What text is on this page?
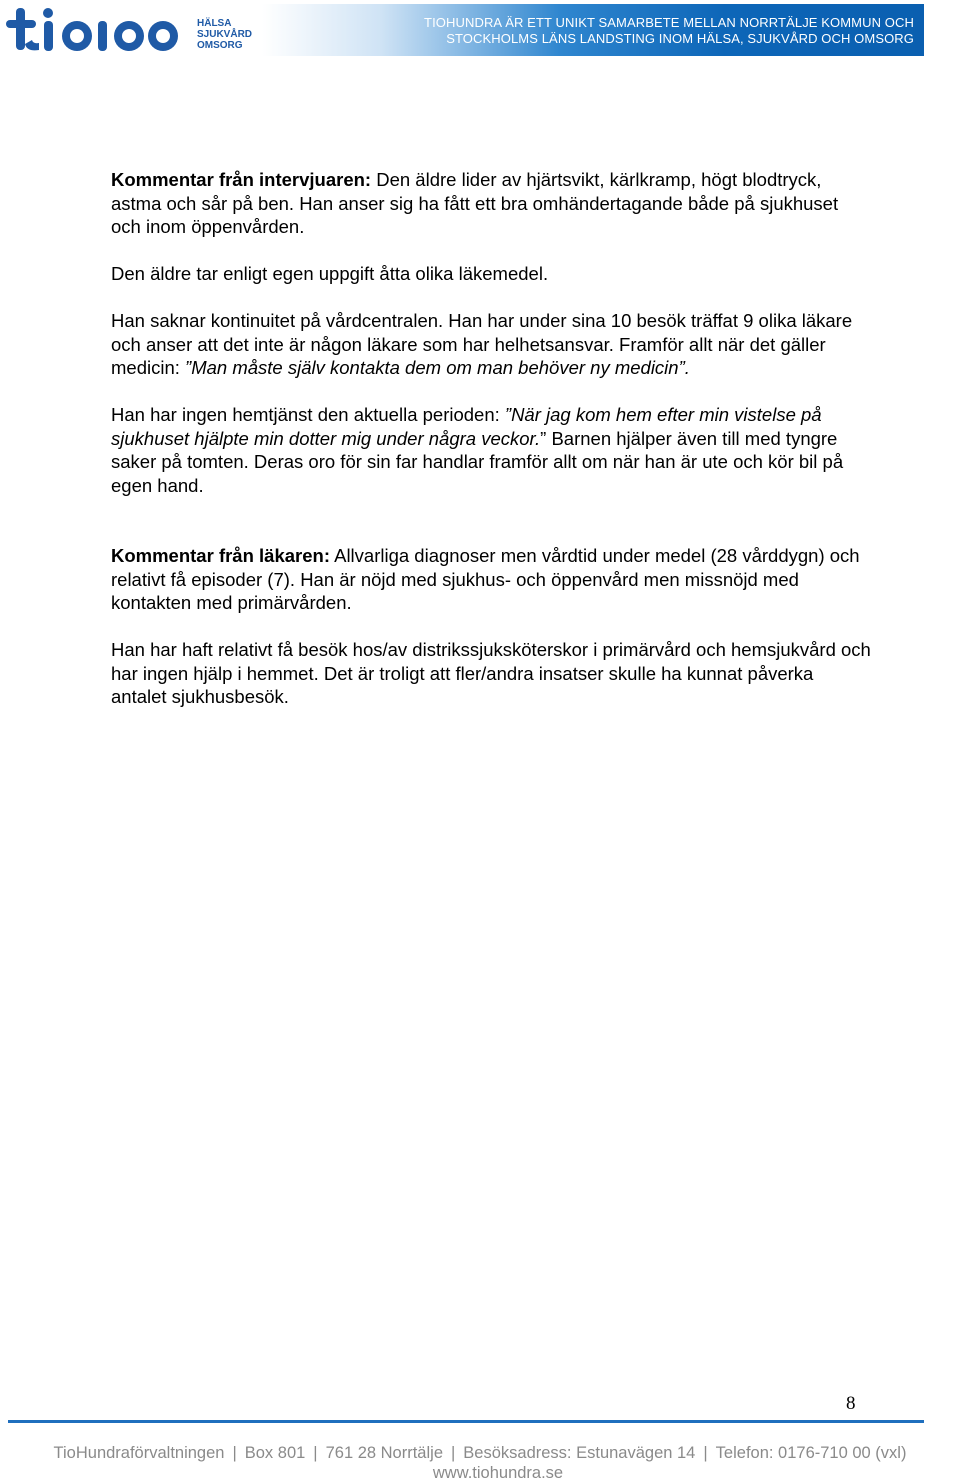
HÄLSA
SJUKVÅRD
OMSORG
TIOHUNDRA ÄR ETT UNIKT SAMARBETE MELLAN NORRTÄLJE KOMMUN OCH
STOCKHOLMS LÄNS LANDSTING INOM HÄLSA, SJUKVÅRD OCH OMSORG

Kommentar från intervjuaren: Den äldre lider av hjärtsvikt, kärlkramp, högt blodtryck, astma och sår på ben. Han anser sig ha fått ett bra omhändertagande både på sjukhuset och inom öppenvården.

Den äldre tar enligt egen uppgift åtta olika läkemedel.

Han saknar kontinuitet på vårdcentralen. Han har under sina 10 besök träffat 9 olika läkare och anser att det inte är någon läkare som har helhetsansvar. Framför allt när det gäller medicin: ”Man måste själv kontakta dem om man behöver ny medicin”.

Han har ingen hemtjänst den aktuella perioden: ”När jag kom hem efter min vistelse på sjukhuset hjälpte min dotter mig under några veckor.” Barnen hjälper även till med tyngre saker på tomten. Deras oro för sin far handlar framför allt om när han är ute och kör bil på egen hand.

Kommentar från läkaren: Allvarliga diagnoser men vårdtid under medel (28 vårddygn) och relativt få episoder (7). Han är nöjd med sjukhus- och öppenvård men missnöjd med kontakten med primärvården.

Han har haft relativt få besök hos/av distrikssjuksköterskor i primärvård och hemsjukvård och har ingen hjälp i hemmet. Det är troligt att fler/andra insatser skulle ha kunnat påverka antalet sjukhusbesök.

8
TioHundraförvaltningen | Box 801 | 761 28 Norrtälje | Besöksadress: Estunavägen 14 | Telefon: 0176-710 00 (vxl)
www.tiohundra.se
